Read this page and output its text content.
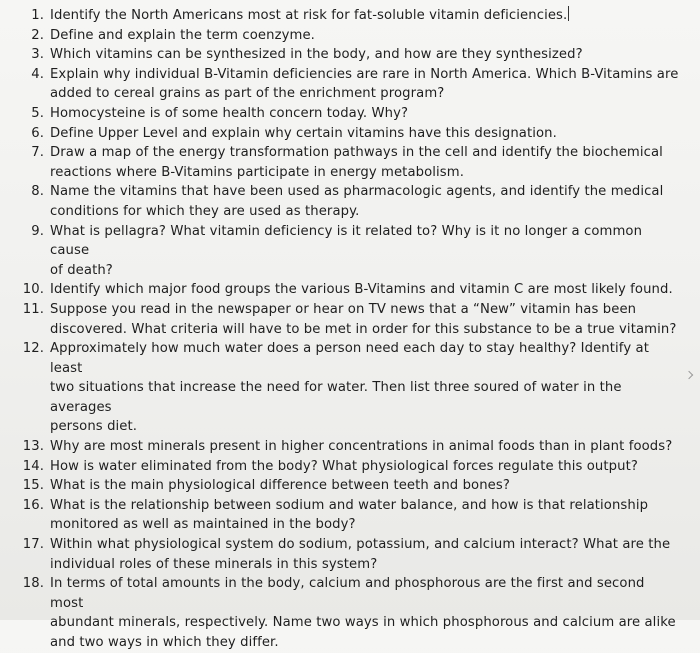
1. Identify the North Americans most at risk for fat-soluble vitamin deficiencies.
2. Define and explain the term coenzyme.
3. Which vitamins can be synthesized in the body, and how are they synthesized?
4. Explain why individual B-Vitamin deficiencies are rare in North America. Which B-Vitamins are
added to cereal grains as part of the enrichment program?
5. Homocysteine is of some health concern today. Why?
6. Define Upper Level and explain why certain vitamins have this designation.
7. Draw a map of the energy transformation pathways in the cell and identify the biochemical
reactions where B-Vitamins participate in energy metabolism.
8. Name the vitamins that have been used as pharmacologic agents, and identify the medical
conditions for which they are used as therapy.
9. What is pellagra? What vitamin deficiency is it related to? Why is it no longer a common cause
of death?
10. Identify which major food groups the various B-Vitamins and vitamin C are most likely found.
11. Suppose you read in the newspaper or hear on TV news that a “New” vitamin has been
discovered. What criteria will have to be met in order for this substance to be a true vitamin?
12. Approximately how much water does a person need each day to stay healthy? Identify at least
two situations that increase the need for water. Then list three soured of water in the averages
persons diet.
13. Why are most minerals present in higher concentrations in animal foods than in plant foods?
14. How is water eliminated from the body? What physiological forces regulate this output?
15. What is the main physiological difference between teeth and bones?
16. What is the relationship between sodium and water balance, and how is that relationship
monitored as well as maintained in the body?
17. Within what physiological system do sodium, potassium, and calcium interact? What are the
individual roles of these minerals in this system?
18. In terms of total amounts in the body, calcium and phosphorous are the first and second most
abundant minerals, respectively. Name two ways in which phosphorous and calcium are alike
and two ways in which they differ.
